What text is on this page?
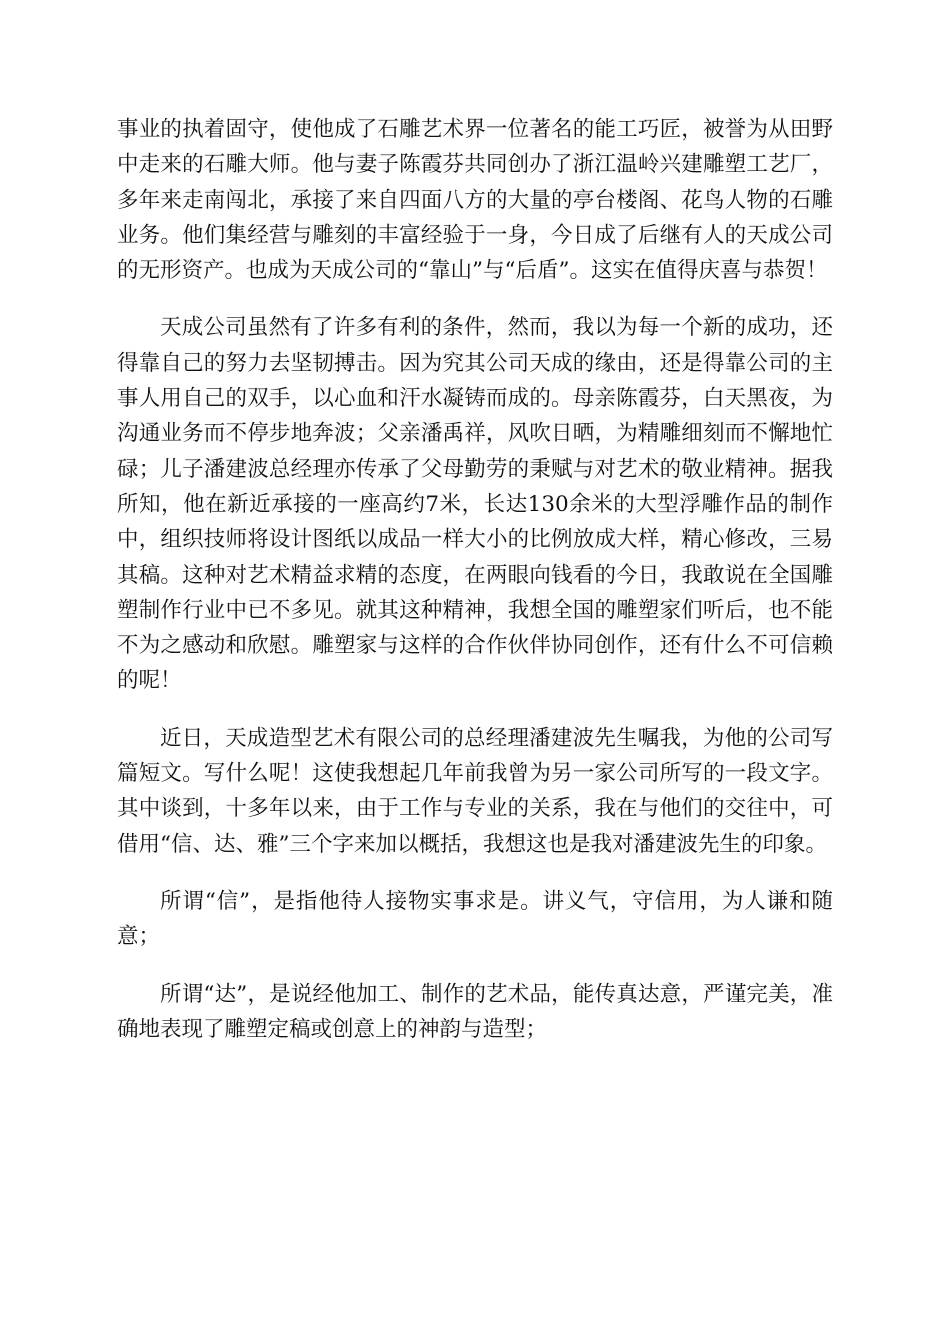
事业的执着固守，使他成了石雕艺术界一位著名的能工巧匠，被誉为从田野中走来的石雕大师。他与妻子陈霞芬共同创办了浙江温岭兴建雕塑工艺厂，多年来走南闯北，承接了来自四面八方的大量的亭台楼阁、花鸟人物的石雕业务。他们集经营与雕刻的丰富经验于一身，今日成了后继有人的天成公司的无形资产。也成为天成公司的“靠山”与“后盾”。这实在值得庆喜与恭贺！

天成公司虽然有了许多有利的条件，然而，我以为每一个新的成功，还得靠自己的努力去坚韧搏击。因为究其公司天成的缘由，还是得靠公司的主事人用自己的双手，以心血和汗水凝铸而成的。母亲陈霞芬，白天黑夜，为沟通业务而不停步地奔波；父亲潘禹祥，风吹日晒，为精雕细刻而不懈地忙碌；儿子潘建波总经理亦传承了父母勤劳的秉赋与对艺术的敬业精神。据我所知，他在新近承接的一座高约7米，长达130余米的大型浮雕作品的制作中，组织技师将设计图纸以成品一样大小的比例放成大样，精心修改，三易其稿。这种对艺术精益求精的态度，在两眼向钱看的今日，我敢说在全国雕塑制作行业中已不多见。就其这种精神，我想全国的雕塑家们听后，也不能不为之感动和欣慰。雕塑家与这样的合作伙伴协同创作，还有什么不可信赖的呢！

近日，天成造型艺术有限公司的总经理潘建波先生嘱我，为他的公司写篇短文。写什么呢！这使我想起几年前我曾为另一家公司所写的一段文字。其中谈到，十多年以来，由于工作与专业的关系，我在与他们的交往中，可借用“信、达、雅”三个字来加以概括，我想这也是我对潘建波先生的印象。

所谓“信”，是指他待人接物实事求是。讲义气，守信用，为人谦和随意；

所谓“达”，是说经他加工、制作的艺术品，能传真达意，严谨完美，准确地表现了雕塑定稿或创意上的神韵与造型；
